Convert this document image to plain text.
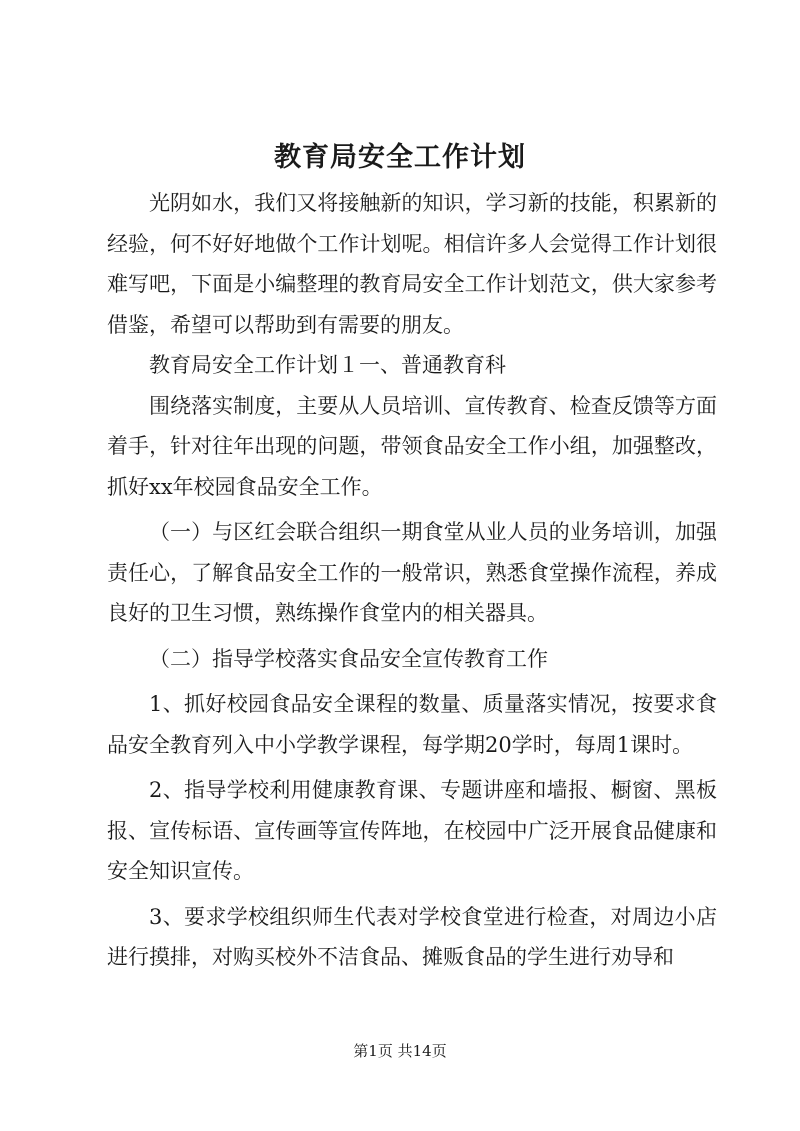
教育局安全工作计划

光阴如水，我们又将接触新的知识，学习新的技能，积累新的经验，何不好好地做个工作计划呢。相信许多人会觉得工作计划很难写吧，下面是小编整理的教育局安全工作计划范文，供大家参考借鉴，希望可以帮助到有需要的朋友。

教育局安全工作计划１一、普通教育科

围绕落实制度，主要从人员培训、宣传教育、检查反馈等方面着手，针对往年出现的问题，带领食品安全工作小组，加强整改，抓好xx年校园食品安全工作。

（一）与区红会联合组织一期食堂从业人员的业务培训，加强责任心，了解食品安全工作的一般常识，熟悉食堂操作流程，养成良好的卫生习惯，熟练操作食堂内的相关器具。

（二）指导学校落实食品安全宣传教育工作

1、抓好校园食品安全课程的数量、质量落实情况，按要求食品安全教育列入中小学教学课程，每学期20学时，每周1课时。

2、指导学校利用健康教育课、专题讲座和墙报、橱窗、黑板报、宣传标语、宣传画等宣传阵地，在校园中广泛开展食品健康和安全知识宣传。

3、要求学校组织师生代表对学校食堂进行检查，对周边小店进行摸排，对购买校外不洁食品、摊贩食品的学生进行劝导和

第1页 共14页
